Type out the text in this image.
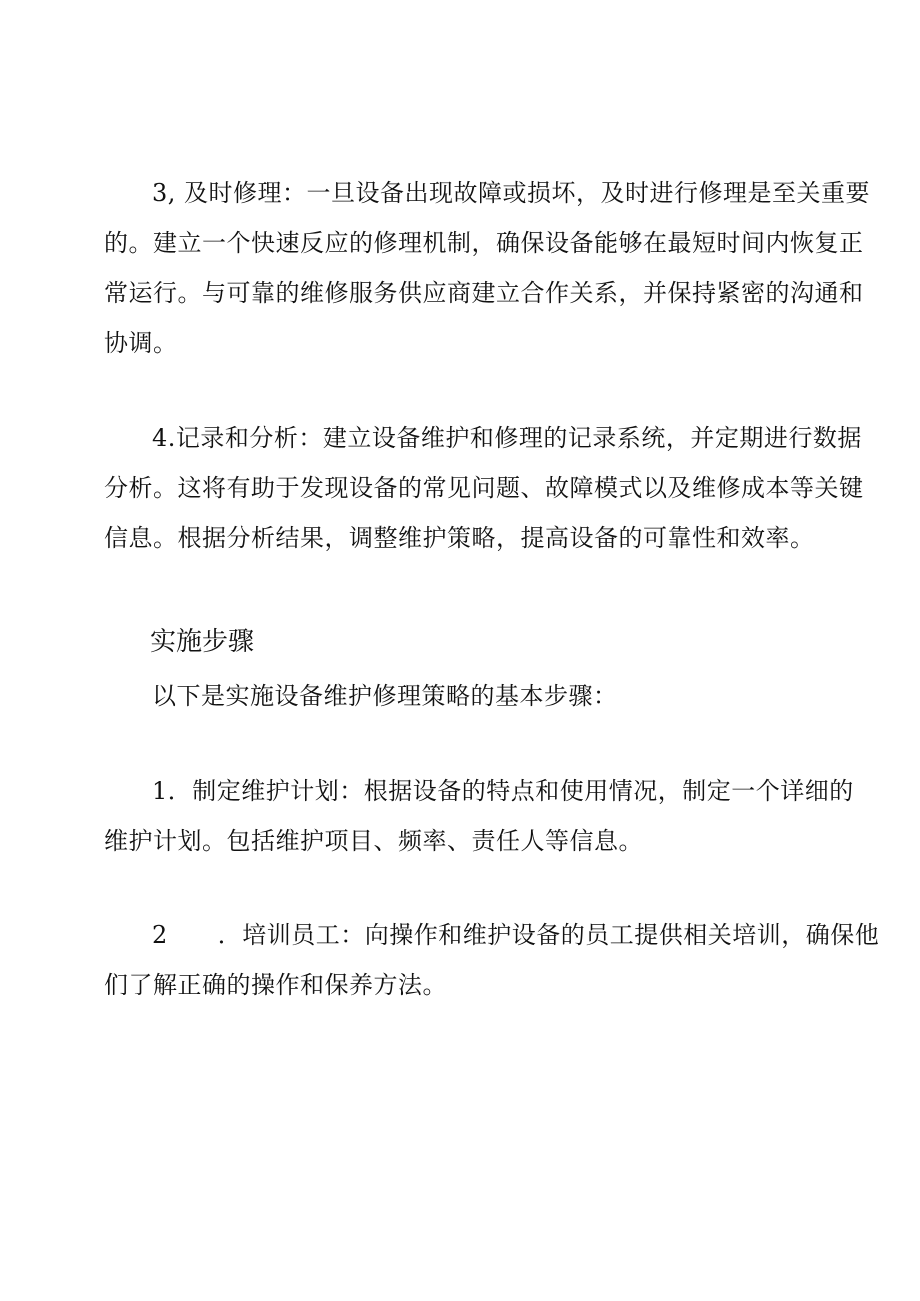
3, 及时修理：一旦设备出现故障或损坏，及时进行修理是至关重要
的。建立一个快速反应的修理机制，确保设备能够在最短时间内恢复正
常运行。与可靠的维修服务供应商建立合作关系，并保持紧密的沟通和
协调。
4.记录和分析：建立设备维护和修理的记录系统，并定期进行数据
分析。这将有助于发现设备的常见问题、故障模式以及维修成本等关键
信息。根据分析结果，调整维护策略，提高设备的可靠性和效率。
实施步骤

以下是实施设备维护修理策略的基本步骤：

1．制定维护计划：根据设备的特点和使用情况，制定一个详细的
维护计划。包括维护项目、频率、责任人等信息。
2 ．培训员工：向操作和维护设备的员工提供相关培训，确保他
们了解正确的操作和保养方法。
